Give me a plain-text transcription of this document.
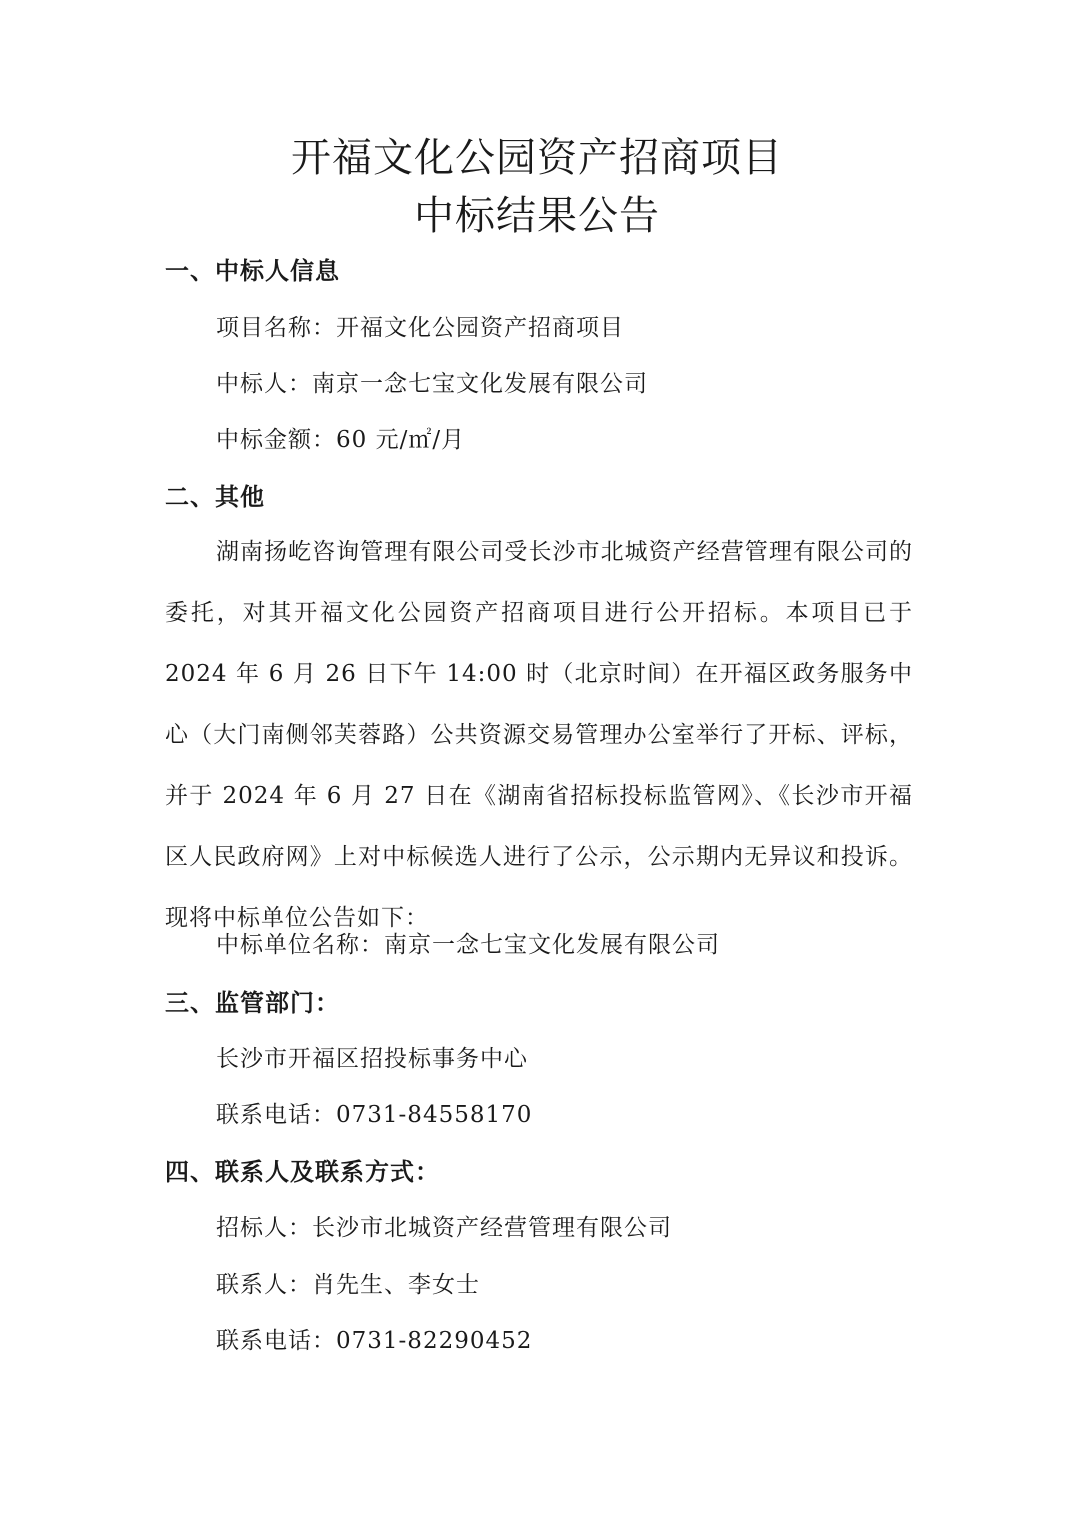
开福文化公园资产招商项目
中标结果公告
一、中标人信息
项目名称：开福文化公园资产招商项目
中标人：南京一念七宝文化发展有限公司
中标金额：60 元/㎡/月
二、其他
湖南扬屹咨询管理有限公司受长沙市北城资产经营管理有限公司的委托，对其开福文化公园资产招商项目进行公开招标。本项目已于 2024 年 6 月 26 日下午 14:00 时（北京时间）在开福区政务服务中心（大门南侧邻芙蓉路）公共资源交易管理办公室举行了开标、评标，并于 2024 年 6 月 27 日在《湖南省招标投标监管网》、《长沙市开福区人民政府网》上对中标候选人进行了公示，公示期内无异议和投诉。现将中标单位公告如下：
中标单位名称：南京一念七宝文化发展有限公司
三、监管部门：
长沙市开福区招投标事务中心
联系电话：0731-84558170
四、联系人及联系方式：
招标人：长沙市北城资产经营管理有限公司
联系人：肖先生、李女士
联系电话：0731-82290452
